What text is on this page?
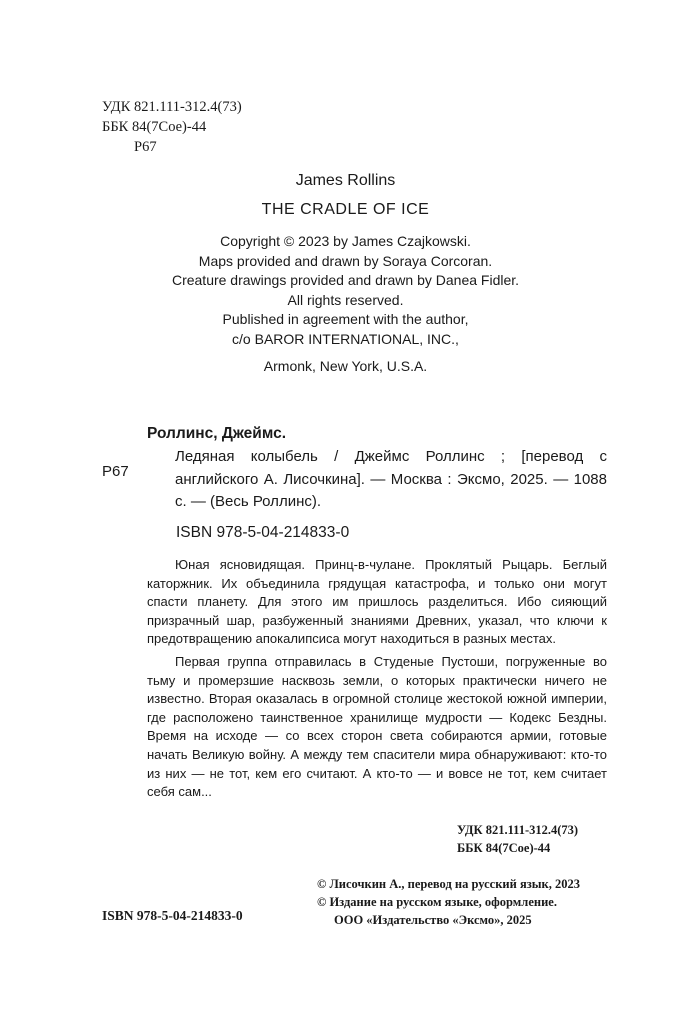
УДК 821.111-312.4(73)
ББК 84(7Сое)-44
Р67
James Rollins
THE CRADLE OF ICE
Copyright © 2023 by James Czajkowski.
Maps provided and drawn by Soraya Corcoran.
Creature drawings provided and drawn by Danea Fidler.
All rights reserved.
Published in agreement with the author,
c/o BAROR INTERNATIONAL, INC.,
Armonk, New York, U.S.A.
Роллинс, Джеймс.
Р67
Ледяная колыбель / Джеймс Роллинс ; [перевод с английского А. Лисочкина]. — Москва : Эксмо, 2025. — 1088 с. — (Весь Роллинс).
ISBN 978-5-04-214833-0

Юная ясновидящая. Принц-в-чулане. Проклятый Рыцарь. Беглый каторжник. Их объединила грядущая катастрофа, и только они могут спасти планету. Для этого им пришлось разделиться. Ибо сияющий призрачный шар, разбуженный знаниями Древних, указал, что ключи к предотвращению апокалипсиса могут находиться в разных местах.

Первая группа отправилась в Студеные Пустоши, погруженные во тьму и промерзшие насквозь земли, о которых практически ничего не известно. Вторая оказалась в огромной столице жестокой южной империи, где расположено таинственное хранилище мудрости — Кодекс Бездны. Время на исходе — со всех сторон света собираются армии, готовые начать Великую войну. А между тем спасители мира обнаруживают: кто-то из них — не тот, кем его считают. А кто-то — и вовсе не тот, кем считает себя сам...

УДК 821.111-312.4(73)
ББК 84(7Сое)-44
© Лисочкин А., перевод на русский язык, 2023
© Издание на русском языке, оформление.
ООО «Издательство «Эксмо», 2025
ISBN 978-5-04-214833-0
